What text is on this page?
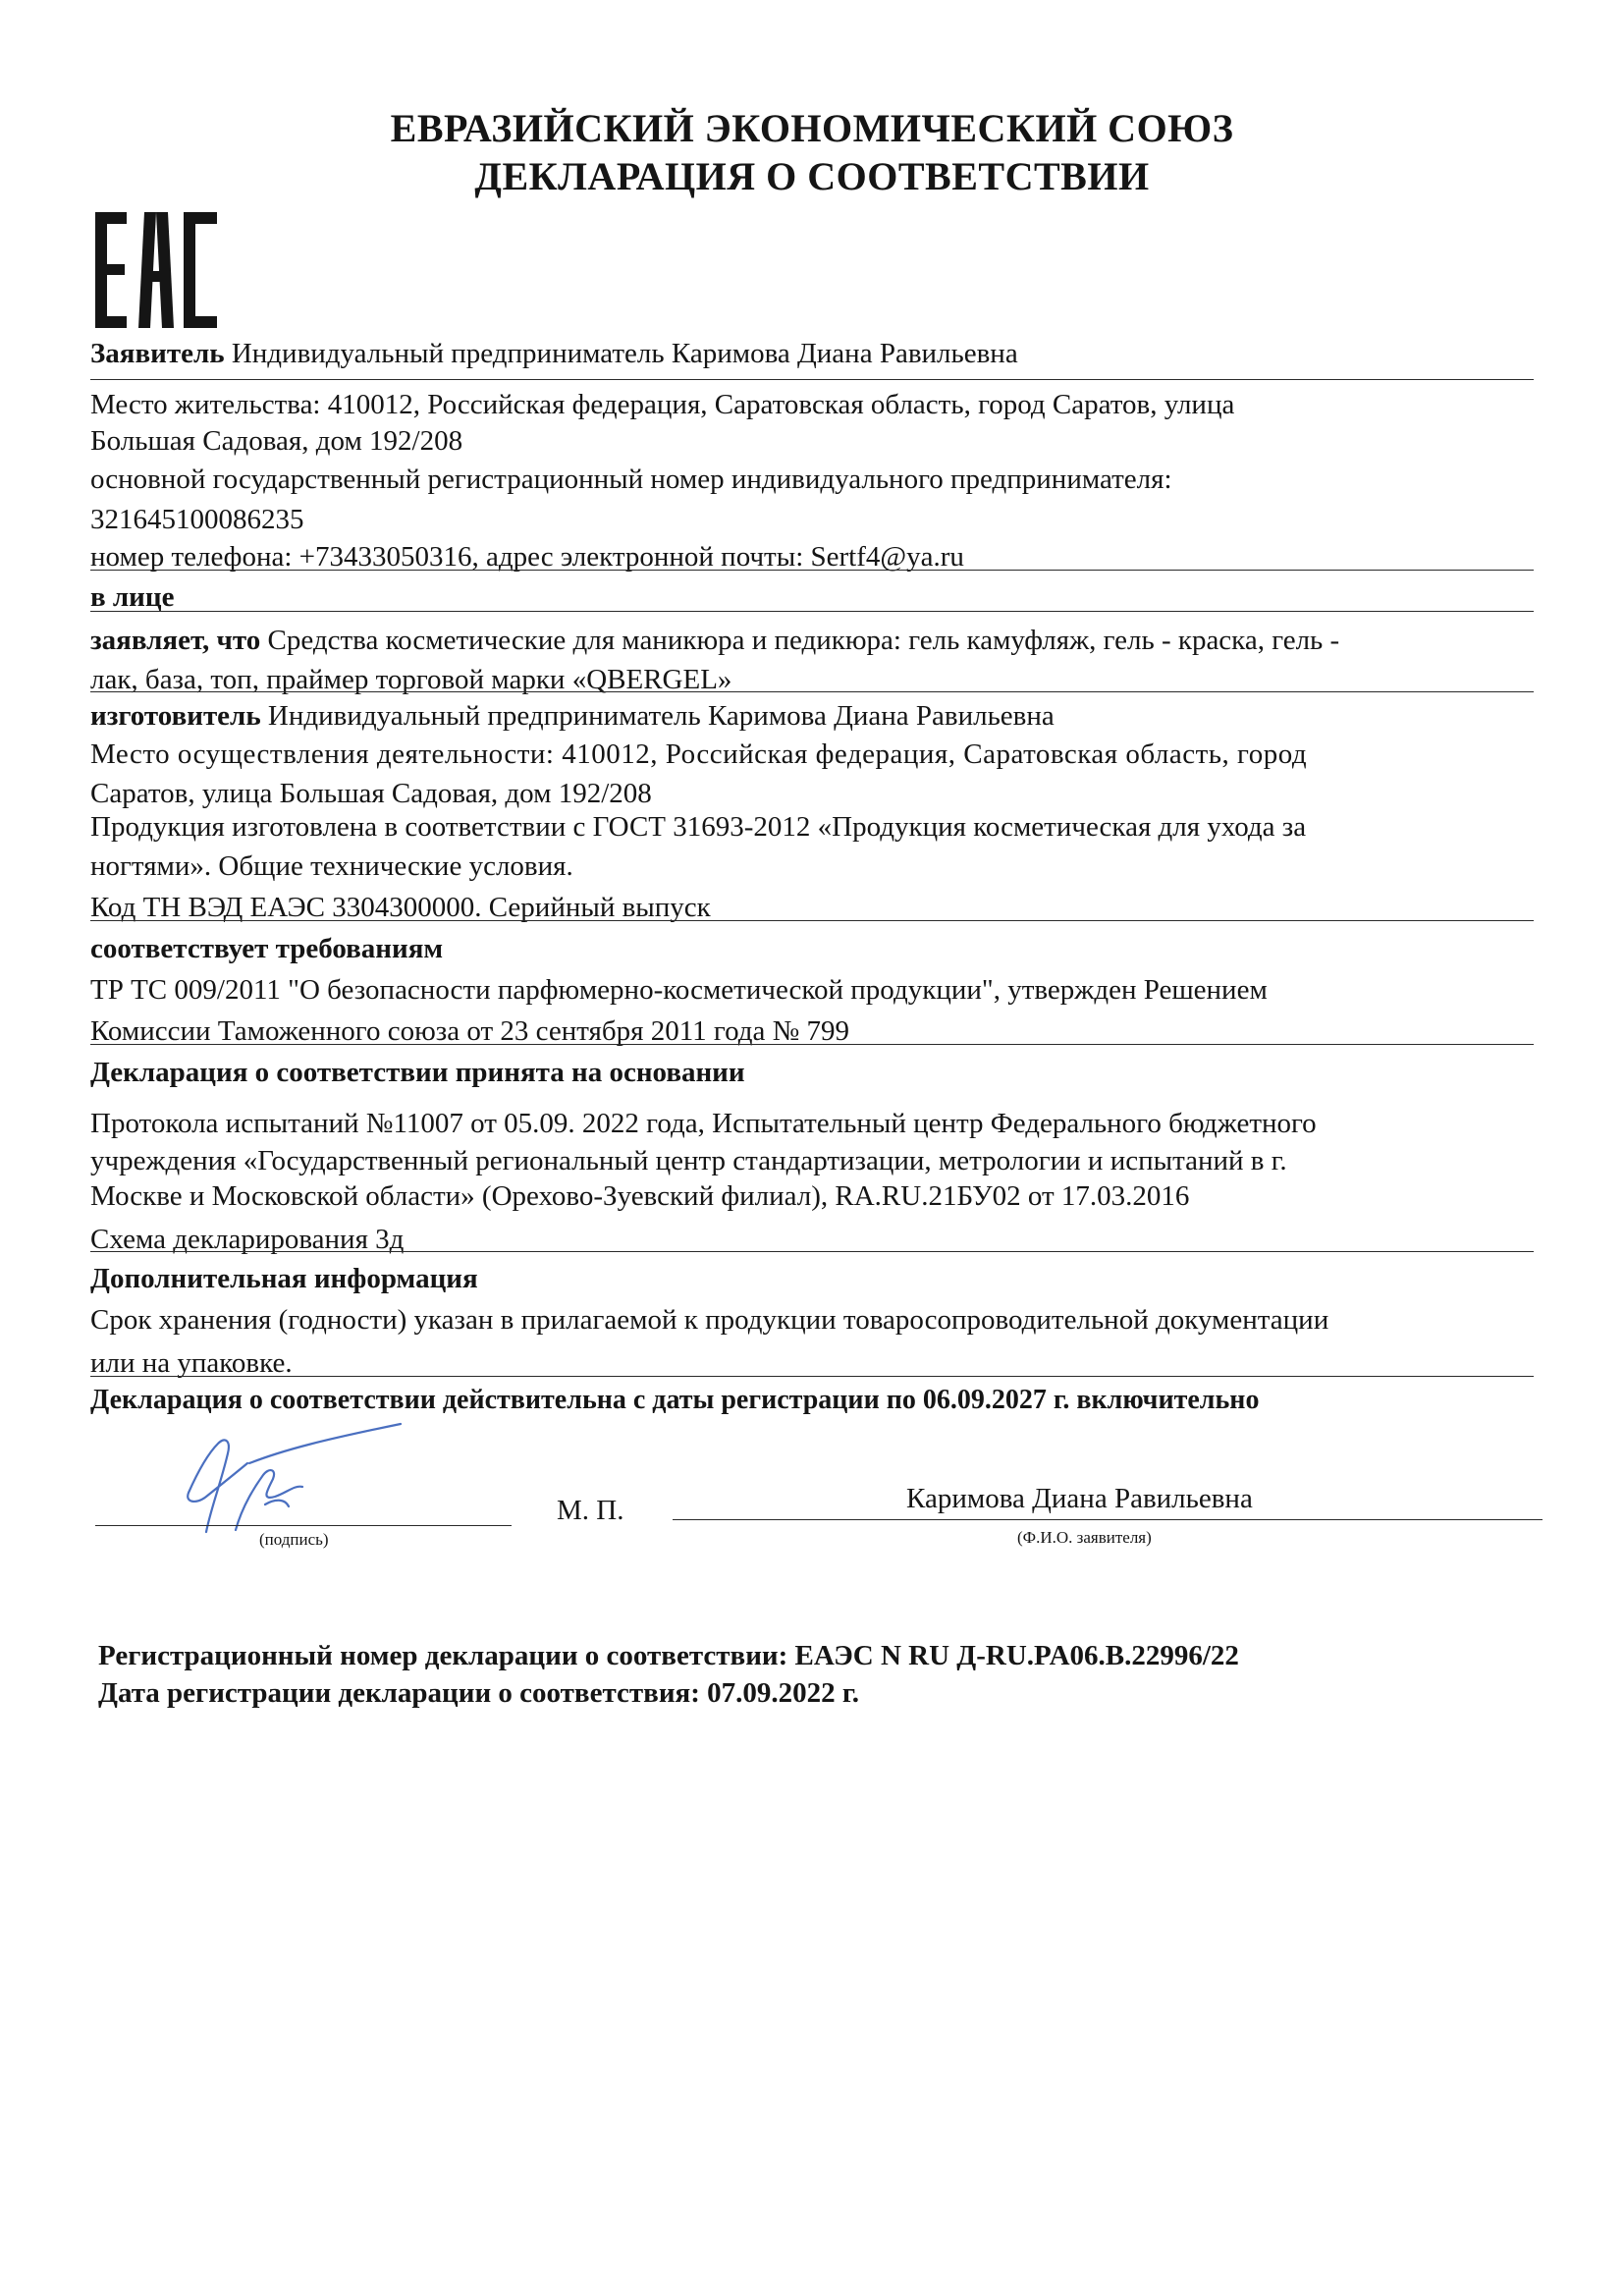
ЕВРАЗИЙСКИЙ ЭКОНОМИЧЕСКИЙ СОЮЗ
ДЕКЛАРАЦИЯ О СООТВЕТСТВИИ
Заявитель Индивидуальный предприниматель Каримова Диана Равильевна
Место жительства: 410012, Российская федерация, Саратовская область, город Саратов, улица
Большая Садовая, дом 192/208
основной государственный регистрационный номер индивидуального предпринимателя:
321645100086235
номер телефона: +73433050316, адрес электронной почты: Sertf4@ya.ru
в лице
заявляет, что Средства косметические для маникюра и педикюра: гель камуфляж, гель - краска, гель -
лак, база, топ, праймер торговой марки «QBERGEL»
изготовитель Индивидуальный предприниматель Каримова Диана Равильевна
Место осуществления деятельности: 410012, Российская федерация, Саратовская область, город
Саратов, улица Большая Садовая, дом 192/208
Продукция изготовлена в соответствии с ГОСТ 31693-2012 «Продукция косметическая для ухода за
ногтями». Общие технические условия.
Код ТН ВЭД ЕАЭС 3304300000. Серийный выпуск
соответствует требованиям
ТР ТС 009/2011 "О безопасности парфюмерно-косметической продукции", утвержден Решением
Комиссии Таможенного союза от 23 сентября 2011 года № 799
Декларация о соответствии принята на основании
Протокола испытаний №11007 от 05.09. 2022 года, Испытательный центр Федерального бюджетного
учреждения «Государственный региональный центр стандартизации, метрологии и испытаний в г.
Москве и Московской области» (Орехово-Зуевский филиал), RA.RU.21БУ02 от 17.03.2016
Схема декларирования 3д
Дополнительная информация
Срок хранения (годности) указан в прилагаемой к продукции товаросопроводительной документации
или на упаковке.
Декларация о соответствии действительна с даты регистрации по 06.09.2027 г. включительно
(подпись)
М. П.	Каримова Диана Равильевна
(Ф.И.О. заявителя)
Регистрационный номер декларации о соответствии: ЕАЭС N RU Д-RU.PA06.B.22996/22
Дата регистрации декларации о соответствия: 07.09.2022 г.
